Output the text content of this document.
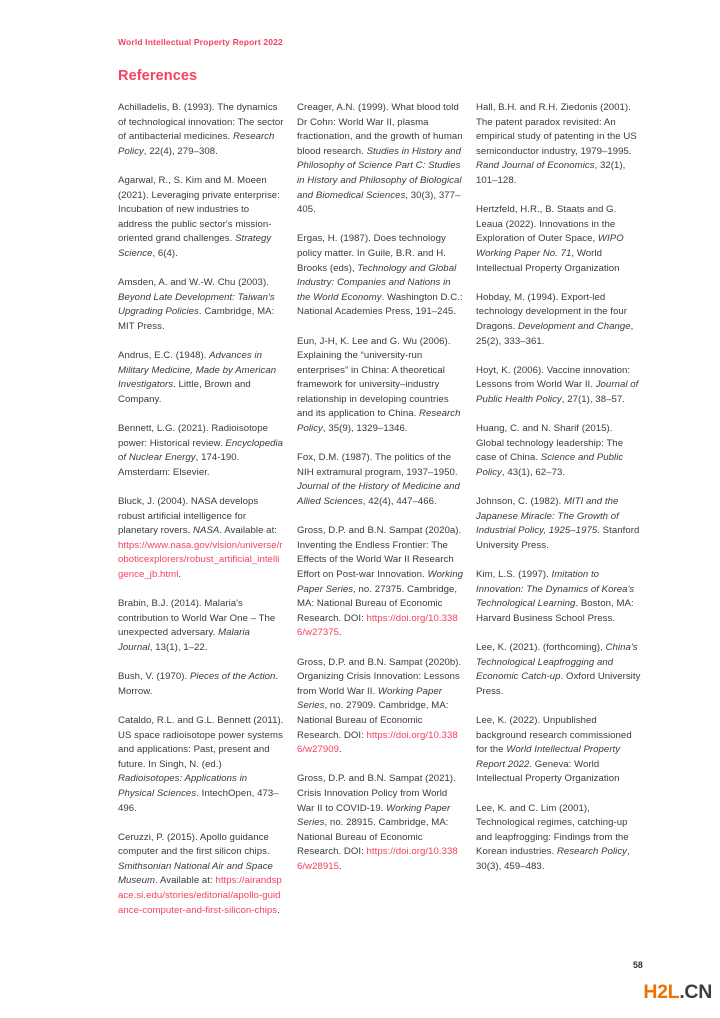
World Intellectual Property Report 2022
References

Achilladelis, B. (1993). The dynamics of technological innovation: The sector of antibacterial medicines. Research Policy, 22(4), 279–308.

Agarwal, R., S. Kim and M. Moeen (2021). Leveraging private enterprise: Incubation of new industries to address the public sector's mission-oriented grand challenges. Strategy Science, 6(4).

Amsden, A. and W.-W. Chu (2003). Beyond Late Development: Taiwan's Upgrading Policies. Cambridge, MA: MIT Press.

Andrus, E.C. (1948). Advances in Military Medicine, Made by American Investigators. Little, Brown and Company.

Bennett, L.G. (2021). Radioisotope power: Historical review. Encyclopedia of Nuclear Energy, 174-190. Amsterdam: Elsevier.

Bluck, J. (2004). NASA develops robust artificial intelligence for planetary rovers. NASA. Available at: https://www.nasa.gov/vision/universe/roboticexplorers/robust_artificial_intelligence_jb.html.

Brabin, B.J. (2014). Malaria's contribution to World War One – The unexpected adversary. Malaria Journal, 13(1), 1–22.

Bush, V. (1970). Pieces of the Action. Morrow.

Cataldo, R.L. and G.L. Bennett (2011). US space radioisotope power systems and applications: Past, present and future. In Singh, N. (ed.) Radioisotopes: Applications in Physical Sciences. IntechOpen, 473–496.

Ceruzzi, P. (2015). Apollo guidance computer and the first silicon chips. Smithsonian National Air and Space Museum. Available at: https://airandspace.si.edu/stories/editorial/apollo-guidance-computer-and-first-silicon-chips.

Creager, A.N. (1999). What blood told Dr Cohn: World War II, plasma fractionation, and the growth of human blood research. Studies in History and Philosophy of Science Part C: Studies in History and Philosophy of Biological and Biomedical Sciences, 30(3), 377–405.

Ergas, H. (1987). Does technology policy matter. In Guile, B.R. and H. Brooks (eds), Technology and Global Industry: Companies and Nations in the World Economy. Washington D.C.: National Academies Press, 191–245.

Eun, J-H, K. Lee and G. Wu (2006). Explaining the “university-run enterprises” in China: A theoretical framework for university–industry relationship in developing countries and its application to China. Research Policy, 35(9), 1329–1346.

Fox, D.M. (1987). The politics of the NIH extramural program, 1937–1950. Journal of the History of Medicine and Allied Sciences, 42(4), 447–466.

Gross, D.P. and B.N. Sampat (2020a). Inventing the Endless Frontier: The Effects of the World War II Research Effort on Post-war Innovation. Working Paper Series, no. 27375. Cambridge, MA: National Bureau of Economic Research. DOI: https://doi.org/10.3386/w27375.

Gross, D.P. and B.N. Sampat (2020b). Organizing Crisis Innovation: Lessons from World War II. Working Paper Series, no. 27909. Cambridge, MA: National Bureau of Economic Research. DOI: https://doi.org/10.3386/w27909.

Gross, D.P. and B.N. Sampat (2021). Crisis Innovation Policy from World War II to COVID-19. Working Paper Series, no. 28915. Cambridge, MA: National Bureau of Economic Research. DOI: https://doi.org/10.3386/w28915.

Hall, B.H. and R.H. Ziedonis (2001). The patent paradox revisited: An empirical study of patenting in the US semiconductor industry, 1979–1995. Rand Journal of Economics, 32(1), 101–128.

Hertzfeld, H.R., B. Staats and G. Leaua (2022). Innovations in the Exploration of Outer Space, WIPO Working Paper No. 71, World Intellectual Property Organization

Hobday, M. (1994). Export-led technology development in the four Dragons. Development and Change, 25(2), 333–361.

Hoyt, K. (2006). Vaccine innovation: Lessons from World War II. Journal of Public Health Policy, 27(1), 38–57.

Huang, C. and N. Sharif (2015). Global technology leadership: The case of China. Science and Public Policy, 43(1), 62–73.

Johnson, C. (1982). MITI and the Japanese Miracle: The Growth of Industrial Policy, 1925–1975. Stanford University Press.

Kim, L.S. (1997). Imitation to Innovation: The Dynamics of Korea's Technological Learning. Boston, MA: Harvard Business School Press.

Lee, K. (2021). (forthcoming), China's Technological Leapfrogging and Economic Catch-up. Oxford University Press.

Lee, K. (2022). Unpublished background research commissioned for the World Intellectual Property Report 2022. Geneva: World Intellectual Property Organization

Lee, K. and C. Lim (2001), Technological regimes, catching-up and leapfrogging: Findings from the Korean industries. Research Policy, 30(3), 459–483.

58
H2L.CN
